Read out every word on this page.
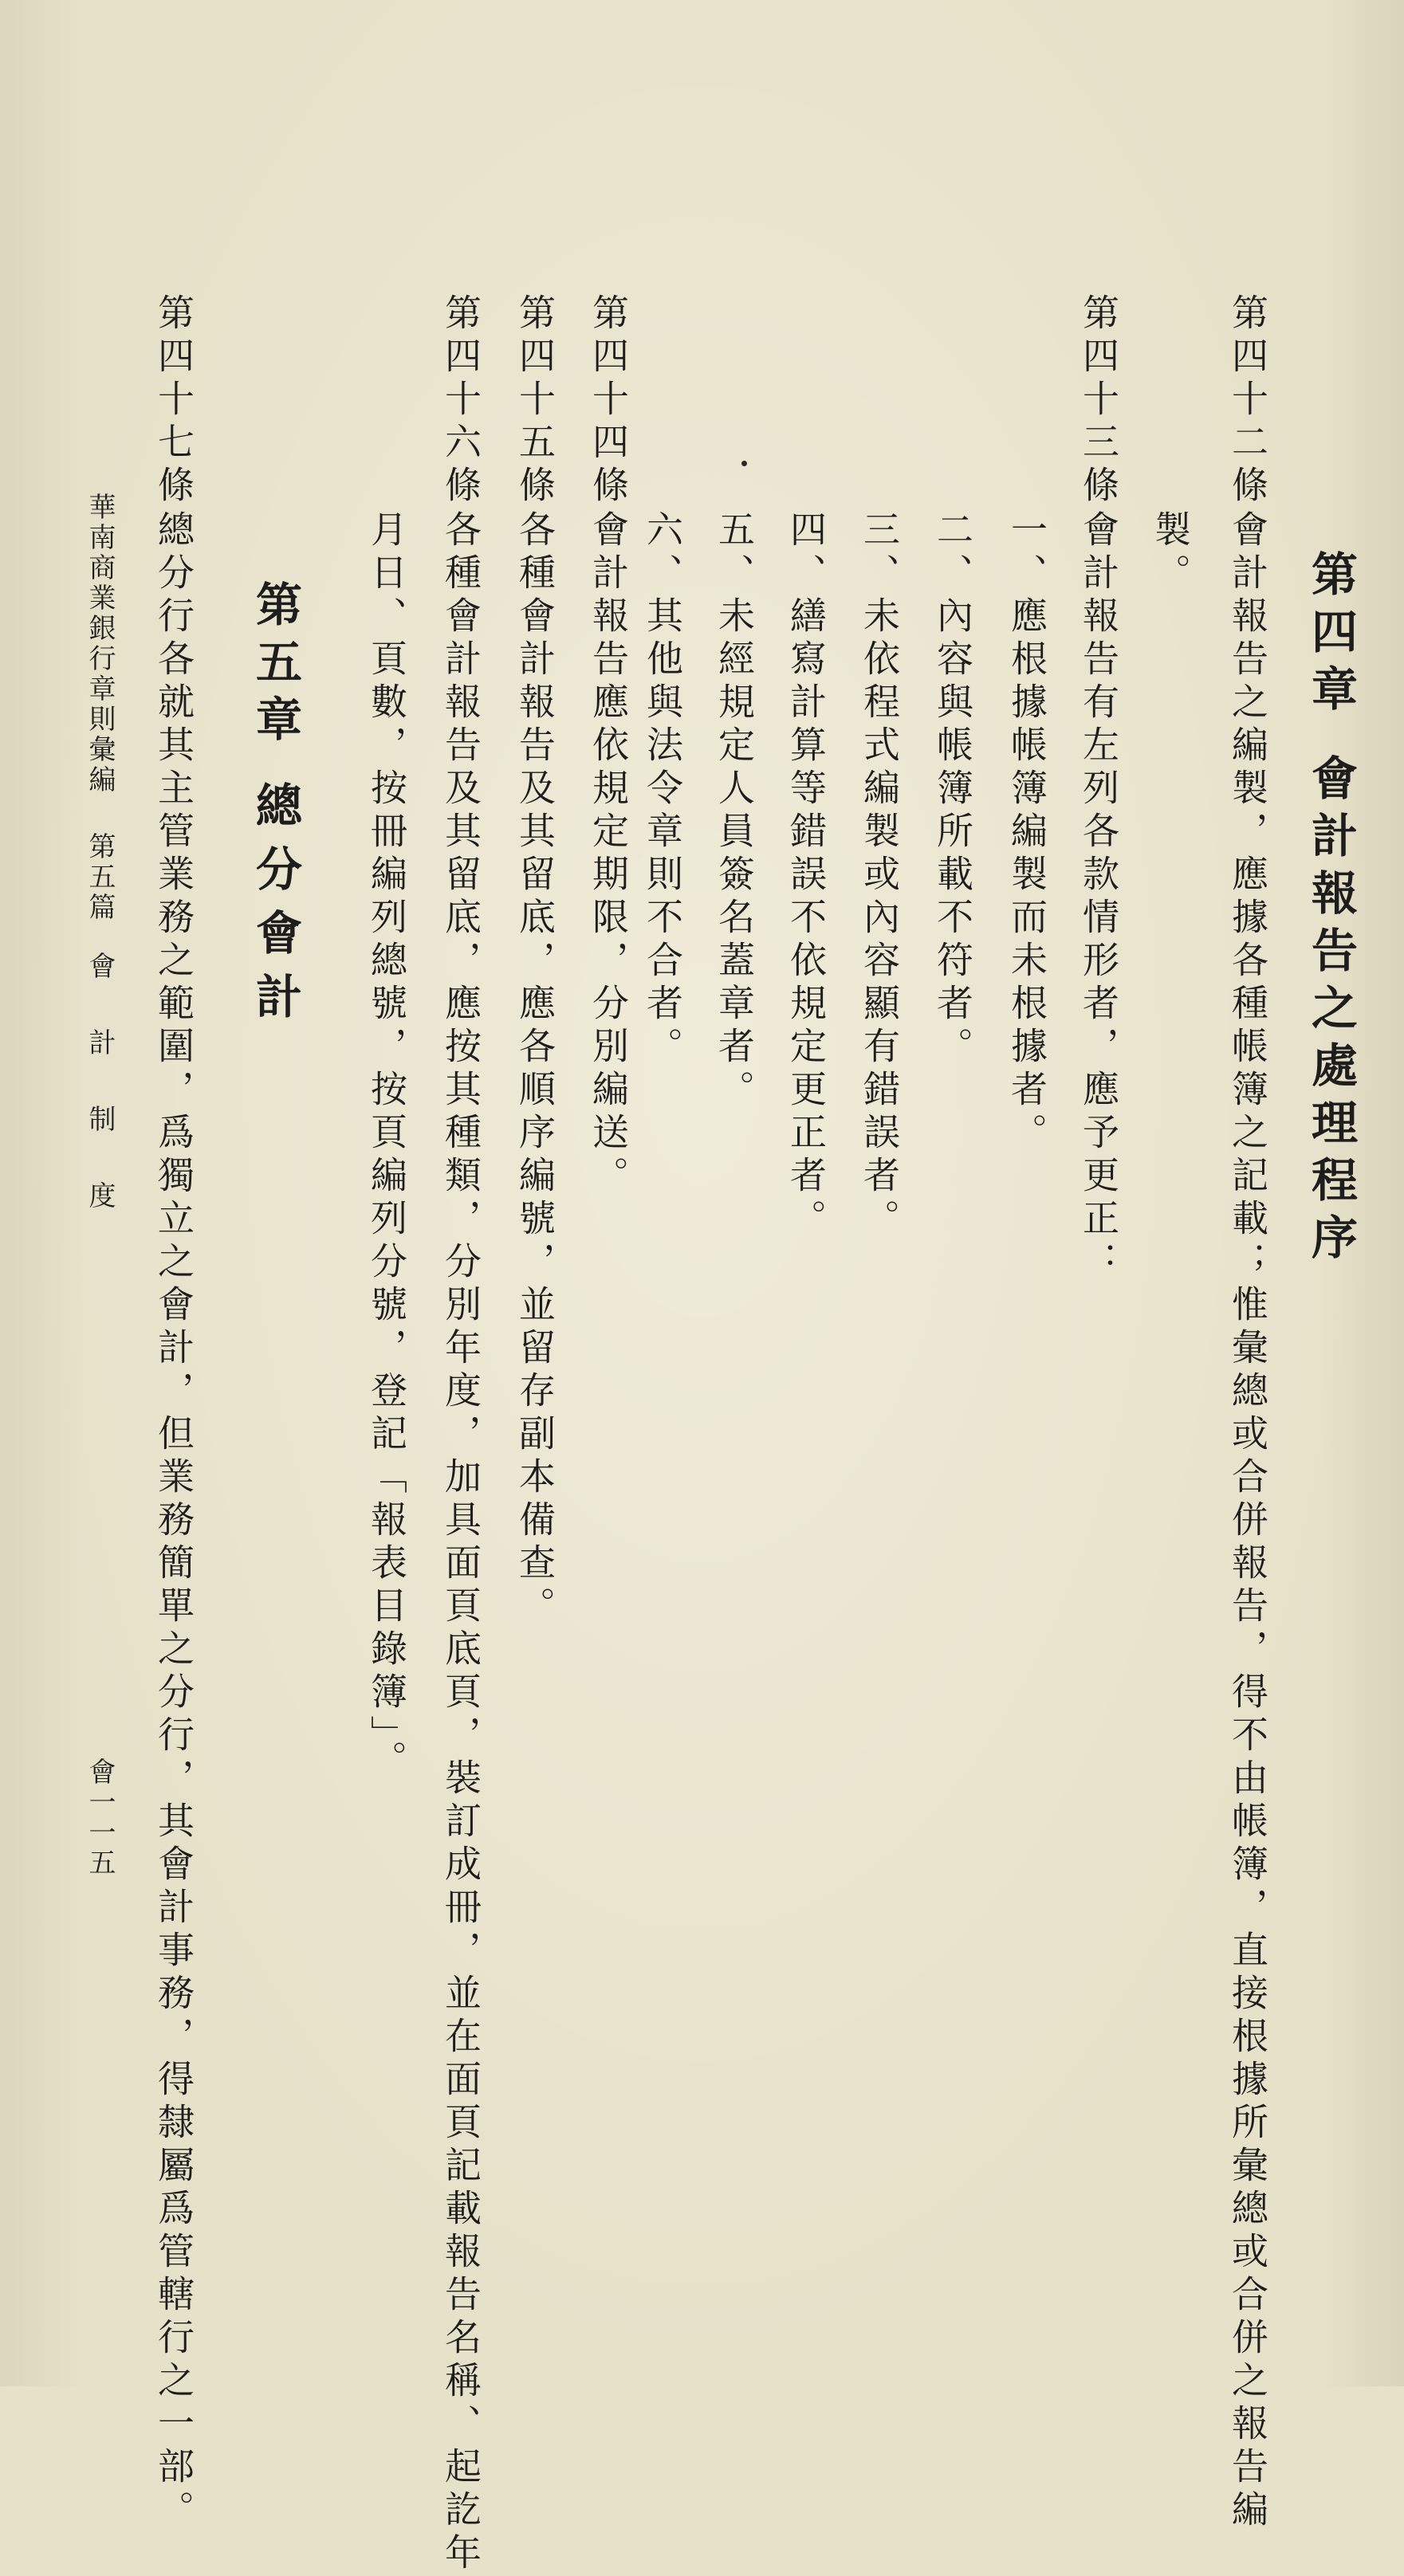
第四章會計報告之處理程序
第四十二條
會計報告之編製，應據各種帳簿之記載；惟彙總或合併報告，得不由帳簿，直接根據所彙總或合併之報告編
製。
第四十三條
會計報告有左列各款情形者，應予更正：
一、應根據帳簿編製而未根據者。
二、內容與帳簿所載不符者。
三、未依程式編製或內容顯有錯誤者。
四、繕寫計算等錯誤不依規定更正者。
五、未經規定人員簽名蓋章者。
六、其他與法令章則不合者。
第四十四條
會計報告應依規定期限，分別編送。
第四十五條
各種會計報告及其留底，應各順序編號，並留存副本備查。
第四十六條
各種會計報告及其留底，應按其種類，分別年度，加具面頁底頁，裝訂成冊，並在面頁記載報告名稱、起訖年
月日、頁數，按冊編列總號，按頁編列分號，登記「報表目錄簿」。
第五章總分會計
第四十七條
總分行各就其主管業務之範圍，爲獨立之會計，但業務簡單之分行，其會計事務，得隸屬爲管轄行之一部。
華南商業銀行章則彙編第五篇會　計　制　度
會一一五
